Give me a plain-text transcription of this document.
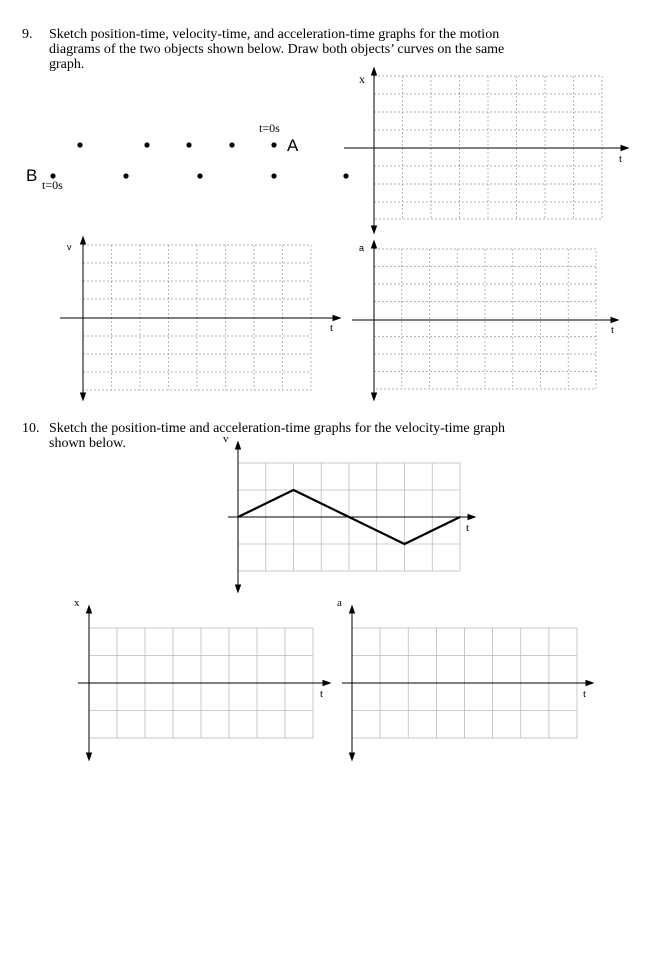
9. Sketch position-time, velocity-time, and acceleration-time graphs for the motion
diagrams of the two objects shown below. Draw both objects’ curves on the same
graph.
t=0s
A
B t=0s
x
t
v
t
a
t
10. Sketch the position-time and acceleration-time graphs for the velocity-time graph
shown below.	v
t
x
t
a
t
